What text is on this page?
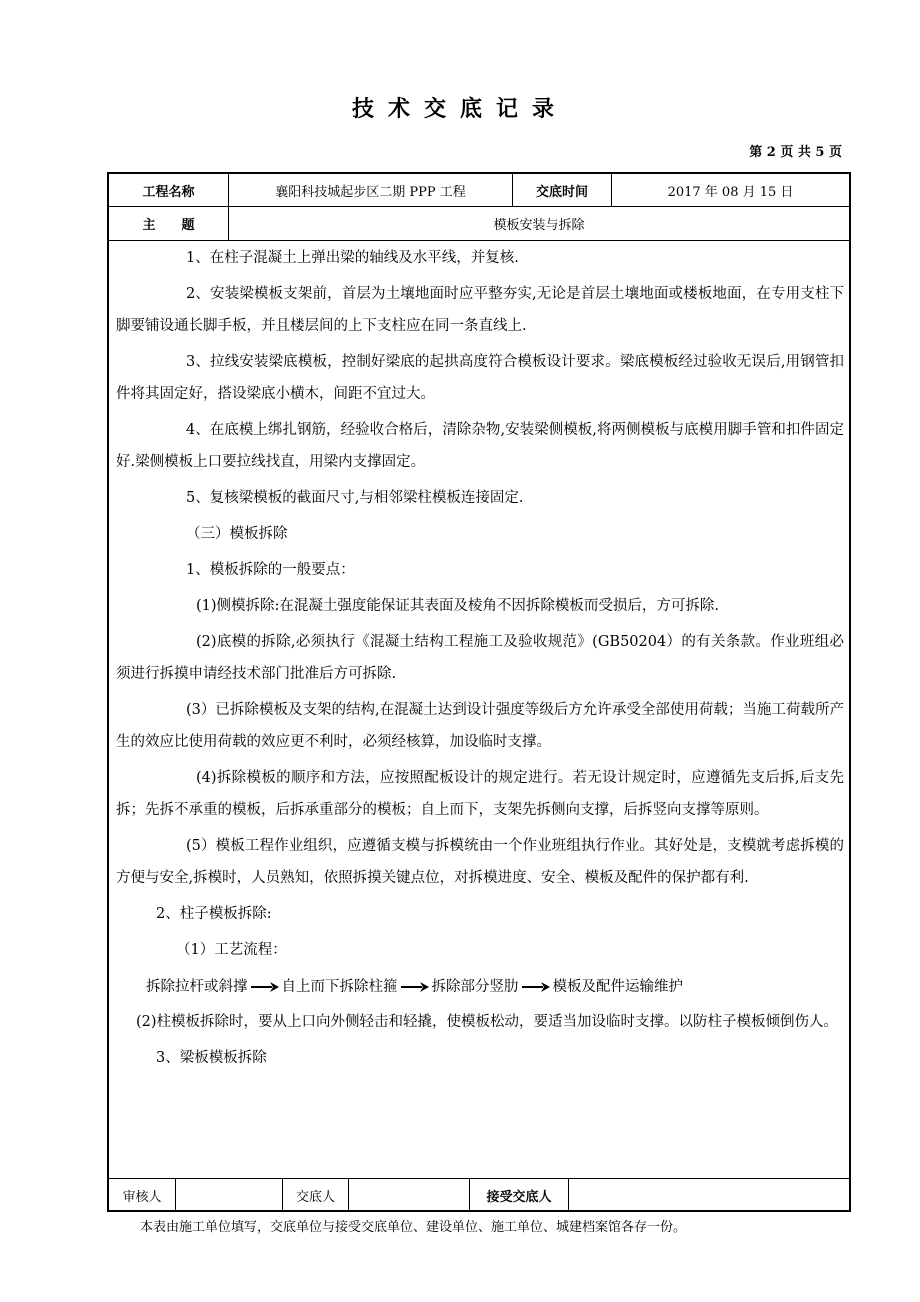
技术交底记录
第 2 页 共 5 页
工程名称	襄阳科技城起步区二期 PPP 工程	交底时间	2017 年 08 月 15 日
主　　题	模板安装与拆除

1、在柱子混凝土上弹出梁的轴线及水平线，并复核.

2、安装梁模板支架前，首层为土壤地面时应平整夯实,无论是首层土壤地面或楼板地面，在专用支柱下脚要铺设通长脚手板，并且楼层间的上下支柱应在同一条直线上.

3、拉线安装梁底模板，控制好梁底的起拱高度符合模板设计要求。梁底模板经过验收无误后,用钢管扣件将其固定好，搭设梁底小横木，间距不宜过大。

4、在底模上绑扎钢筋，经验收合格后，清除杂物,安装梁侧模板,将两侧模板与底模用脚手管和扣件固定好.梁侧模板上口要拉线找直，用梁内支撑固定。

5、复核梁模板的截面尺寸,与相邻梁柱模板连接固定.

（三）模板拆除

1、模板拆除的一般要点：

(1)侧模拆除:在混凝土强度能保证其表面及棱角不因拆除模板而受损后，方可拆除.

(2)底模的拆除,必须执行《混凝土结构工程施工及验收规范》(GB50204）的有关条款。作业班组必须进行拆摸申请经技术部门批准后方可拆除.

(3）已拆除模板及支架的结构,在混凝土达到设计强度等级后方允许承受全部使用荷载；当施工荷载所产生的效应比使用荷载的效应更不利时，必须经核算，加设临时支撑。

(4)拆除模板的顺序和方法，应按照配板设计的规定进行。若无设计规定时，应遵循先支后拆,后支先拆；先拆不承重的模板，后拆承重部分的模板；自上而下，支架先拆侧向支撑，后拆竖向支撑等原则。

(5）模板工程作业组织，应遵循支模与拆模统由一个作业班组执行作业。其好处是，支模就考虑拆模的方便与安全,拆模时，人员熟知，依照拆摸关键点位，对拆模进度、安全、模板及配件的保护都有利.

2、柱子模板拆除:

（1）工艺流程：

拆除拉杆或斜撑 自上而下拆除柱箍 拆除部分竖肋 模板及配件运输维护

(2)柱模板拆除时，要从上口向外侧轻击和轻撬，使模板松动，要适当加设临时支撑。以防柱子模板倾倒伤人。

3、梁板模板拆除

审核人	交底人	接受交底人
本表由施工单位填写，交底单位与接受交底单位、建设单位、施工单位、城建档案馆各存一份。
